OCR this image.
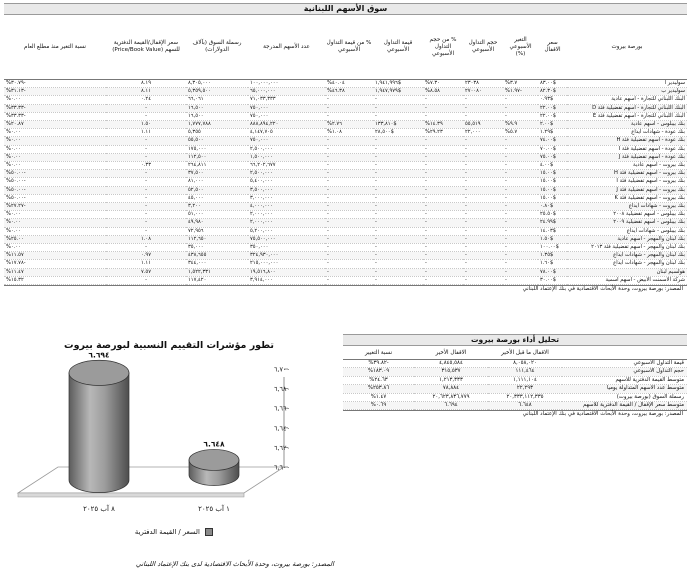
سوق الأسهم اللبنانية
بورصة بيروت	سعر الاقفال	التغير الأسبوعي (%)	حجم التداول الأسبوعي	% من حجم التداول الأسبوعي	قيمة التداول الأسبوعي	% من قيمة التداول الأسبوعي	عدد الأسهم المدرجة	رسملة السوق (بآلاف الدولارات)	سعر الإقفال/القيمة الدفترية للسهم (Price/Book Value)	نسبة التغير منذ مطلع العام
سوليدير أ	$٨٣.٠٠	٣.٧%	٢٣٠٣٨	٧.٣٠%	$١,٩٤١,٩٩٦	٤٠.٠٤%	١٠٠,٠٠٠,٠٠٠	٨,٣٠٥,٠٠٠	٨.١٩	-٣٠.٧٩%
سوليدير ب	$٨٢.٣٠	-١.٩٧%	٢٧٠٠٨٠	٨.٥٨%	$١,٩٤٧,٩٧٩	٤٦.٣٨%	٦٥,٠٠٠,٠٠٠	٥,٣٥٩,٥٠٠	٨.١١	-٣١.١٣%
البنك اللبناني للتجارة - أسهم عادية	$٠.٩٣	-	-	-	-	-	٧١,٠٣٣,٣٣٣	٦٦,٠٦١	٠.٢٤	٠.٠٠%
البنك اللبناني للتجارة - أسهم تفضيلية فئة D	$٢٢.٠٠	-	-	-	-	-	٧٥٠,٠٠٠	١٦,٥٠٠	-	-٣٣.٣٣%
البنك اللبناني للتجارة - أسهم تفضيلية فئة E	$٢٢.٠٠	-	-	-	-	-	٧٥٠,٠٠٠	١٦,٥٠٠	-	-٣٣.٣٣%
بنك بيبلوس - أسهم عادية	$٢.٠٠	٩.٩%	٥٥,٥١٩	١٤.٣٩%	$١٣٣,٨١٠	٢.٧٦%	٨٨٨,٨٩٤,٢٢٠	١,٧٧٧,٧٨٨	١.٥٠	٢٠.٨٧%
بنك عودة - شهادات ايداع	$١.٢٩	٥.٧%	٢٢,٠٠٠	٢٩.٢٣%	$٢٨,٥٠٠	١.٠٨%	٤,١٤٧,٧٠٥	٥,٣٥٥	١.١١	٠.٠٠%
بنك عودة - أسهم تفضيلية فئة H	$٧٤.٠٠	-	-	-	-	-	٧٥٠,٠٠٠	٥٥,٥٠٠	-	٠.٠٠%
بنك عودة - أسهم تفضيلية فئة I	$٧٠.٠٠	-	-	-	-	-	٢,٥٠٠,٠٠٠	١٧٥,٠٠٠	-	٠.٠٠%
بنك عودة - أسهم تفضيلية فئة J	$٧٥.٠٠	-	-	-	-	-	١,٥٠٠,٠٠٠	١١٢,٥٠٠	-	٠.٠٠%
بنك بيروت - أسهم عادية	$٤.٠٠	-	-	-	-	-	٦٦,٢٠٢,٦٧٧	٢٦٤,٨١١	٠.٣٣	٠.٠٠%
بنك بيروت - أسهم تفضيلية فئة H	$١٥.٠٠	-	-	-	-	-	٢,٥٠٠,٠٠٠	٣٧,٥٠٠	-	-٥٠.٠٠%
بنك بيروت - أسهم تفضيلية فئة I	$١٥.٠٠	-	-	-	-	-	٥,٤٠٠,٠٠٠	٨١,٠٠٠	-	-٥٠.٠٠%
بنك بيروت - أسهم تفضيلية فئة J	$١٥.٠٠	-	-	-	-	-	٣,٥٠٠,٠٠٠	٥٢,٥٠٠	-	-٥٠.٠٠%
بنك بيروت - أسهم تفضيلية فئة K	$١٥.٠٠	-	-	-	-	-	٣,٠٠٠,٠٠٠	٤٥,٠٠٠	-	-٥٠.٠٠%
بنك بيروت - شهادات ايداع	$٠.٨٠	-	-	-	-	-	٤,٠٠٠,٠٠٠	٣,٢٠٠	-	-٢٧.٢٧%
بنك بيبلوس - أسهم تفضيلية ٢٠٠٨	$٢٥.٥٠	-	-	-	-	-	٢,٠٠٠,٠٠٠	٥١,٠٠٠	-	٠.٠٠%
بنك بيبلوس - أسهم تفضيلية ٢٠٠٩	$٢٤.٩٩	-	-	-	-	-	٢,٠٠٠,٠٠٠	٤٩,٩٨٠	-	٠.٠٠%
بنك بيبلوس - شهادات ايداع	$١٤.٠٣	-	-	-	-	-	٥,٢٠٠,٠٠٠	٧٢,٩٥٦	-	٠.٠٠%
بنك لبنان والمهجر - أسهم عادية	$١.٥٠	-	-	-	-	-	٧٥,٥٠٠,٠٠٠	١١٢,٦٥٠	١.٠٨	٢٥.٠٠%
بنك لبنان والمهجر - أسهم تفضيلية فئة ٢٠١٣	$١٠٠.٠٠	-	-	-	-	-	٣٥٠,٠٠٠	٣٥,٠٠٠	-	٠.٠٠%
بنك لبنان والمهجر - شهادات ايداع	$١.٣٥	-	-	-	-	-	٣٢٤,٩٣٠,٠٠٠	٤٣٨,٦٥٥	٠.٩٧	١١.٥٧%
بنك لبنان والمهجر - شهادات ايداع	$١.٦٠	-	-	-	-	-	٢١٥,٠٠٠,٠٠٠	٣٤٤,٠٠٠	١.١١	-١٧.٧٨%
هولسيم لبنان	$٧٨.٠٠	-	-	-	-	-	١٩,٥١٦,٨٠٠	١,٥٢٢,٣٣١	٧.٥٧	١١.٤٧%
شركة الاسمنت الابيض - أسهم اسمية	$٣٠.٠٠	-	-	-	-	-	٣,٩١٤,٠٠٠	١١٧,٤٢٠	-	١٥.٣٢%
المصدر: بورصة بيروت، وحدة الأبحاث الاقتصادية في بنك الإعتماد اللبناني
تطور مؤشرات التقييم النسبية لبورصة بيروت
٦,٦٠٠
٦,٦٢٠
٦,٦٤٠
٦,٦٦٠
٦,٦٨٠
٦,٧٠٠
٦.٦٤٨
١ آب ٢٠٢٥
٦.٦٩٤
٨ آب ٢٠٢٥
السعر / القيمة الدفترية
المصدر: بورصة بيروت، وحدة الأبحاث الاقتصادية لدى بنك الإعتماد اللبناني
تحليل أداء بورصة بيروت
	الاقفال ما قبل الأخير	الاقفال الأخير	نسبة التغيير
قيمة التداول الأسبوعي	٨,٠٥٨,٠٢٠	٤,٨٤٥,٥٨٤	-٣٩.٨٢%
حجم التداول الأسبوعي	١١١,٤٦٤	٣١٥,٥٣٧	١٨٣.٠٩%
متوسط القيمة الدفترية للأسهم	١,١١١,١٠٤	١,٢١٣,٣٣٣	٢٤.٦٣%
متوسط عدد الأسهم المتداولة يومياً	٢٢,٢٩٣	٧٨,٨٨٤	٢٥٣.٨٦%
رسملة السوق (بورصة بيروت)	٢٠,٣٣٣,١١٢,٣٣٥	٢٠,٦٢٣,٨٣٦,٧٧٩	١.٤٧%
متوسط سعر الإقفال / القيمة الدفترية للأسهم	٦.٦٤٨	٦.٦٩٤	٠.٦٩%
المصدر: بورصة بيروت، وحدة الأبحاث الاقتصادية في بنك الإعتماد اللبناني
